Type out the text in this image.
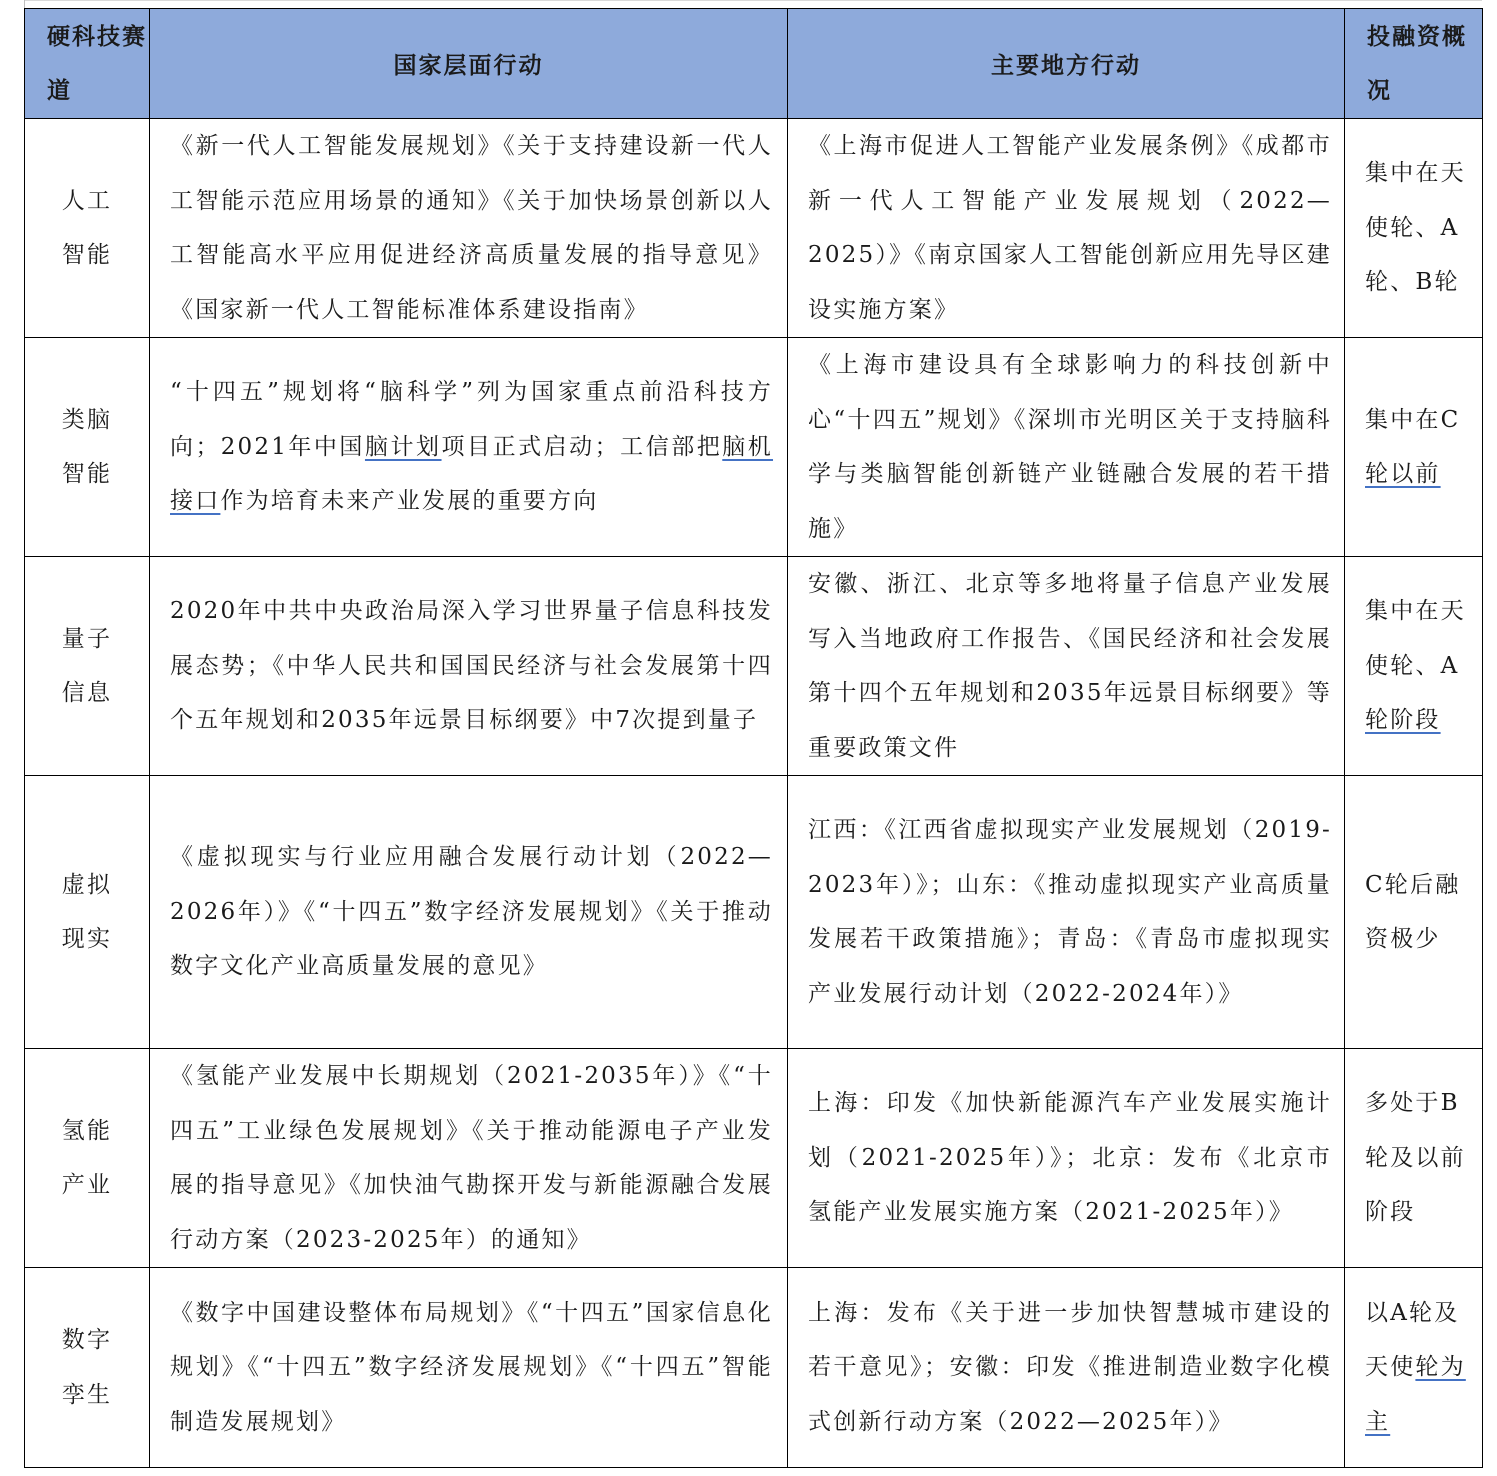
硬科技赛道	国家层面行动	主要地方行动	投融资概况
人工智能	《新一代人工智能发展规划》《关于支持建设新一代人工智能示范应用场景的通知》《关于加快场景创新以人工智能高水平应用促进经济高质量发展的指导意见》《国家新一代人工智能标准体系建设指南》	《上海市促进人工智能产业发展条例》《成都市新一代人工智能产业发展规划（2022—2025）》《南京国家人工智能创新应用先导区建设实施方案》	集中在天使轮、A轮、B轮
类脑智能	“十四五”规划将“脑科学”列为国家重点前沿科技方向；2021年中国脑计划项目正式启动；工信部把脑机接口作为培育未来产业发展的重要方向	《上海市建设具有全球影响力的科技创新中心“十四五”规划》《深圳市光明区关于支持脑科学与类脑智能创新链产业链融合发展的若干措施》	集中在C轮以前
量子信息	2020年中共中央政治局深入学习世界量子信息科技发展态势；《中华人民共和国国民经济与社会发展第十四个五年规划和2035年远景目标纲要》中7次提到量子	安徽、浙江、北京等多地将量子信息产业发展写入当地政府工作报告、《国民经济和社会发展第十四个五年规划和2035年远景目标纲要》等重要政策文件	集中在天使轮、A轮阶段
虚拟现实	《虚拟现实与行业应用融合发展行动计划（2022—2026年）》《“十四五”数字经济发展规划》《关于推动数字文化产业高质量发展的意见》	江西：《江西省虚拟现实产业发展规划（2019-2023年）》；山东：《推动虚拟现实产业高质量发展若干政策措施》；青岛：《青岛市虚拟现实产业发展行动计划（2022-2024年）》	C轮后融资极少
氢能产业	《氢能产业发展中长期规划（2021-2035年）》《“十四五”工业绿色发展规划》《关于推动能源电子产业发展的指导意见》《加快油气勘探开发与新能源融合发展行动方案（2023-2025年）的通知》	上海：印发《加快新能源汽车产业发展实施计划（2021-2025年）》；北京：发布《北京市氢能产业发展实施方案（2021-2025年）》	多处于B轮及以前阶段
数字孪生	《数字中国建设整体布局规划》《“十四五”国家信息化规划》《“十四五”数字经济发展规划》《“十四五”智能制造发展规划》	上海：发布《关于进一步加快智慧城市建设的若干意见》；安徽：印发《推进制造业数字化模式创新行动方案（2022—2025年）》	以A轮及天使轮为主
